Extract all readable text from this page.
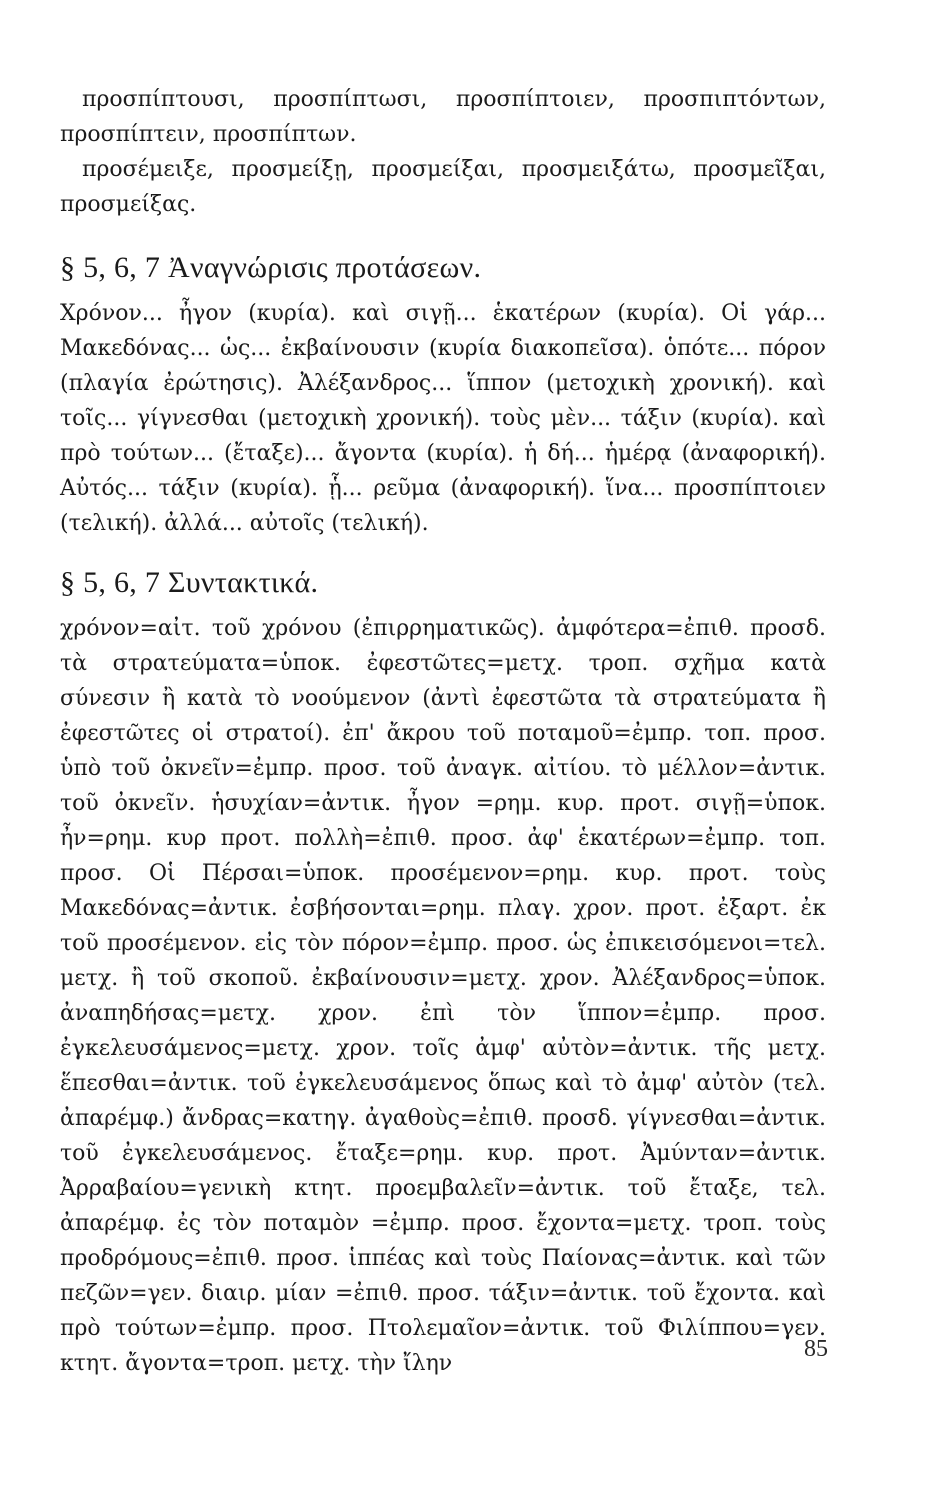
προσπίπτουσι, προσπίπτωσι, προσπίπτοιεν, προσπιπτόντων, προσπίπτειν, προσπίπτων.

προσέμειξε, προσμείξῃ, προσμείξαι, προσμειξάτω, προσμεῖξαι, προσμείξας.

§ 5, 6, 7 Ἀναγνώρισις προτάσεων.

Χρόνον... ἦγον (κυρία). καὶ σιγῇ... ἑκατέρων (κυρία). Οἱ γάρ... Μακεδόνας... ὡς... ἐκβαίνουσιν (κυρία διακοπεῖσα). ὁπότε... πόρον (πλαγία ἐρώτησις). Ἀλέξανδρος... ἵππον (μετοχικὴ χρονική). καὶ τοῖς... γίγνεσθαι (μετοχικὴ χρονική). τοὺς μὲν... τάξιν (κυρία). καὶ πρὸ τούτων... (ἔταξε)... ἄγοντα (κυρία). ἡ δή... ἡμέρᾳ (ἀναφορική). Αὐτός... τάξιν (κυρία). ᾗ... ρεῦμα (ἀναφορική). ἵνα... προσπίπτοιεν (τελική). ἀλλά... αὐτοῖς (τελική).

§ 5, 6, 7 Συντακτικά.

χρόνον=αἰτ. τοῦ χρόνου (ἐπιρρηματικῶς). ἀμφότερα=ἐπιθ. προσδ. τὰ στρατεύματα=ὑποκ. ἐφεστῶτες=μετχ. τροπ. σχῆμα κατὰ σύνεσιν ἢ κατὰ τὸ νοούμενον (ἀντὶ ἐφεστῶτα τὰ στρατεύματα ἢ ἐφεστῶτες οἱ στρατοί). ἐπ' ἄκρου τοῦ ποταμοῦ=ἐμπρ. τοπ. προσ. ὑπὸ τοῦ ὀκνεῖν=ἐμπρ. προσ. τοῦ ἀναγκ. αἰτίου. τὸ μέλλον=ἀντικ. τοῦ ὀκνεῖν. ἡσυχίαν=ἀντικ. ἦγον =ρημ. κυρ. προτ. σιγῇ=ὑποκ. ἦν=ρημ. κυρ προτ. πολλὴ=ἐπιθ. προσ. ἀφ' ἑκατέρων=ἐμπρ. τοπ. προσ. Οἱ Πέρσαι=ὑποκ. προσέμενον=ρημ. κυρ. προτ. τοὺς Μακεδόνας=ἀντικ. ἐσβήσονται=ρημ. πλαγ. χρον. προτ. ἐξαρτ. ἐκ τοῦ προσέμενον. εἰς τὸν πόρον=ἐμπρ. προσ. ὡς ἐπικεισόμενοι=τελ. μετχ. ἢ τοῦ σκοποῦ. ἐκβαίνουσιν=μετχ. χρον. Ἀλέξανδρος=ὑποκ. ἀναπηδήσας=μετχ. χρον. ἐπὶ τὸν ἵππον=ἐμπρ. προσ. ἐγκελευσάμενος=μετχ. χρον. τοῖς ἀμφ' αὐτὸν=ἀντικ. τῆς μετχ. ἕπεσθαι=ἀντικ. τοῦ ἐγκελευσάμενος ὅπως καὶ τὸ ἀμφ' αὐτὸν (τελ. ἀπαρέμφ.) ἄνδρας=κατηγ. ἀγαθοὺς=ἐπιθ. προσδ. γίγνεσθαι=ἀντικ. τοῦ ἐγκελευσάμενος. ἔταξε=ρημ. κυρ. προτ. Ἀμύνταν=ἀντικ. Ἀρραβαίου=γενικὴ κτητ. προεμβαλεῖν=ἀντικ. τοῦ ἔταξε, τελ. ἀπαρέμφ. ἐς τὸν ποταμὸν =ἐμπρ. προσ. ἔχοντα=μετχ. τροπ. τοὺς προδρόμους=ἐπιθ. προσ. ἱππέας καὶ τοὺς Παίονας=ἀντικ. καὶ τῶν πεζῶν=γεν. διαιρ. μίαν =ἐπιθ. προσ. τάξιν=ἀντικ. τοῦ ἔχοντα. καὶ πρὸ τούτων=ἐμπρ. προσ. Πτολεμαῖον=ἀντικ. τοῦ Φιλίππου=γεν. κτητ. ἄγοντα=τροπ. μετχ. τὴν ἴλην

85
